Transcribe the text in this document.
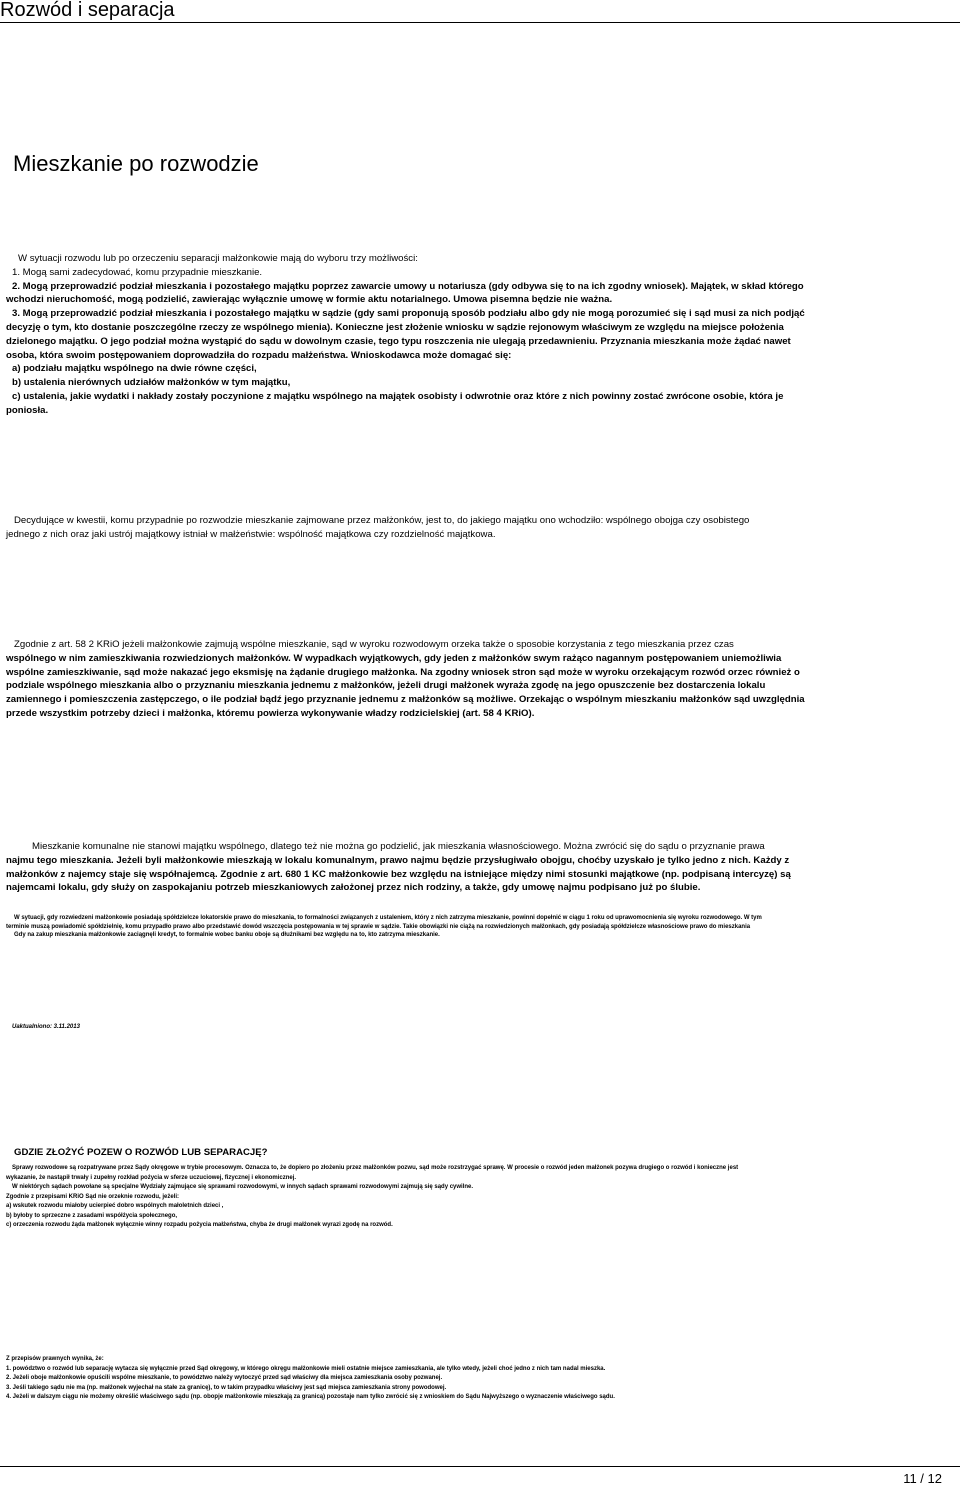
Rozwód i separacja
Mieszkanie po rozwodzie
W sytuacji rozwodu lub po orzeczeniu separacji małżonkowie mają do wyboru trzy możliwości:
1. Mogą sami zadecydować, komu przypadnie mieszkanie.
2. Mogą przeprowadzić podział mieszkania i pozostałego majątku poprzez zawarcie umowy u notariusza (gdy odbywa się to na ich zgodny wniosek). Majątek, w skład którego
wchodzi nieruchomość, mogą podzielić, zawierając wyłącznie umowę w formie aktu notarialnego. Umowa pisemna będzie nie ważna.
3. Mogą przeprowadzić podział mieszkania i pozostałego majątku w sądzie (gdy sami proponują sposób podziału albo gdy nie mogą porozumieć się i sąd musi za nich podjąć
decyzję o tym, kto dostanie poszczególne rzeczy ze wspólnego mienia). Konieczne jest złożenie wniosku w sądzie rejonowym właściwym ze względu na miejsce położenia
dzielonego majątku. O jego podział można wystąpić do sądu w dowolnym czasie, tego typu roszczenia nie ulegają przedawnieniu. Przyznania mieszkania może żądać nawet
osoba, która swoim postępowaniem doprowadziła do rozpadu małżeństwa. Wnioskodawca może domagać się:
a) podziału majątku wspólnego na dwie równe części,
b) ustalenia nierównych udziałów małżonków w tym majątku,
c) ustalenia, jakie wydatki i nakłady zostały poczynione z majątku wspólnego na majątek osobisty i odwrotnie oraz które z nich powinny zostać zwrócone osobie, która je
poniosła.
Decydujące w kwestii, komu przypadnie po rozwodzie mieszkanie zajmowane przez małżonków, jest to, do jakiego majątku ono wchodziło: wspólnego obojga czy osobistego
jednego z nich oraz jaki ustrój majątkowy istniał w małżeństwie: wspólność majątkowa czy rozdzielność majątkowa.
Zgodnie z art. 58 2 KRiO jeżeli małżonkowie zajmują wspólne mieszkanie, sąd w wyroku rozwodowym orzeka także o sposobie korzystania z tego mieszkania przez czas
wspólnego w nim zamieszkiwania rozwiedzionych małżonków. W wypadkach wyjątkowych, gdy jeden z małżonków swym rażąco nagannym postępowaniem uniemożliwia
wspólne zamieszkiwanie, sąd może nakazać jego eksmisję na żądanie drugiego małżonka. Na zgodny wniosek stron sąd może w wyroku orzekającym rozwód orzec również o
podziale wspólnego mieszkania albo o przyznaniu mieszkania jednemu z małżonków, jeżeli drugi małżonek wyraża zgodę na jego opuszczenie bez dostarczenia lokalu
zamiennego i pomieszczenia zastępczego, o ile podział bądź jego przyznanie jednemu z małżonków są możliwe. Orzekając o wspólnym mieszkaniu małżonków sąd uwzględnia
przede wszystkim potrzeby dzieci i małżonka, któremu powierza wykonywanie władzy rodzicielskiej (art. 58 4 KRiO).
Mieszkanie komunalne nie stanowi majątku wspólnego, dlatego też nie można go podzielić, jak mieszkania własnościowego. Można zwrócić się do sądu o przyznanie prawa
najmu tego mieszkania. Jeżeli byli małżonkowie mieszkają w lokalu komunalnym, prawo najmu będzie przysługiwało obojgu, choćby uzyskało je tylko jedno z nich. Każdy z
małżonków z najemcy staje się współnajemcą. Zgodnie z art. 680 1 KC małżonkowie bez względu na istniejące między nimi stosunki majątkowe (np. podpisaną intercyzę) są
najemcami lokalu, gdy służy on zaspokajaniu potrzeb mieszkaniowych założonej przez nich rodziny, a także, gdy umowę najmu podpisano już po ślubie.
W sytuacji, gdy rozwiedzeni małżonkowie posiadają spółdzielcze lokatorskie prawo do mieszkania, to formalności związanych z ustaleniem, który z nich zatrzyma mieszkanie, powinni dopełnić w ciągu 1 roku od uprawomocnienia się wyroku rozwodowego. W tym
terminie muszą powiadomić spółdzielnię, komu przypadło prawo albo przedstawić dowód wszczęcia postępowania w tej sprawie w sądzie. Takie obowiązki nie ciążą na rozwiedzionych małżonkach, gdy posiadają spółdzielcze własnościowe prawo do mieszkania
Gdy na zakup mieszkania małżonkowie zaciągnęli kredyt, to formalnie wobec banku oboje są dłużnikami bez względu na to, kto zatrzyma mieszkanie.
Uaktualniono: 3.11.2013
GDZIE ZŁOŻYĆ POZEW O ROZWÓD LUB SEPARACJĘ?
Sprawy rozwodowe są rozpatrywane przez Sądy okręgowe w trybie procesowym. Oznacza to, że dopiero po złożeniu przez małżonków pozwu, sąd może rozstrzygać sprawę. W procesie o rozwód jeden małżonek pozywa drugiego o rozwód i konieczne jest
wykazanie, że nastąpił trwały i zupełny rozkład pożycia w sferze uczuciowej, fizycznej i ekonomicznej.
W niektórych sądach powołane są specjalne Wydziały zajmujące się sprawami rozwodowymi, w innych sądach sprawami rozwodowymi zajmują się sądy cywilne.
Zgodnie z przepisami KRiO Sąd nie orzeknie rozwodu, jeżeli:
a) wskutek rozwodu miałoby ucierpieć dobro wspólnych małoletnich dzieci ,
b) byłoby to sprzeczne z zasadami współżycia społecznego,
c) orzeczenia rozwodu żąda małżonek wyłącznie winny rozpadu pożycia małżeństwa, chyba że drugi małżonek wyrazi zgodę na rozwód.
Z przepisów prawnych wynika, że:
1. powództwo o rozwód lub separację wytacza się wyłącznie przed Sąd okręgowy, w którego okręgu małżonkowie mieli ostatnie miejsce zamieszkania, ale tylko wtedy, jeżeli choć jedno z nich tam nadal mieszka.
2. Jeżeli oboje małżonkowie opuścili wspólne mieszkanie, to powództwo należy wytoczyć przed sąd właściwy dla miejsca zamieszkania osoby pozwanej.
3. Jeśli takiego sądu nie ma (np. małżonek wyjechał na stałe za granicę), to w takim przypadku właściwy jest sąd miejsca zamieszkania strony powodowej.
4. Jeżeli w dalszym ciągu nie możemy określić właściwego sądu (np. obopje małżonkowie mieszkają za granicą) pozostaje nam tylko zwrócić się z wnioskiem do Sądu Najwyższego o wyznaczenie właściwego sądu.
11 / 12
